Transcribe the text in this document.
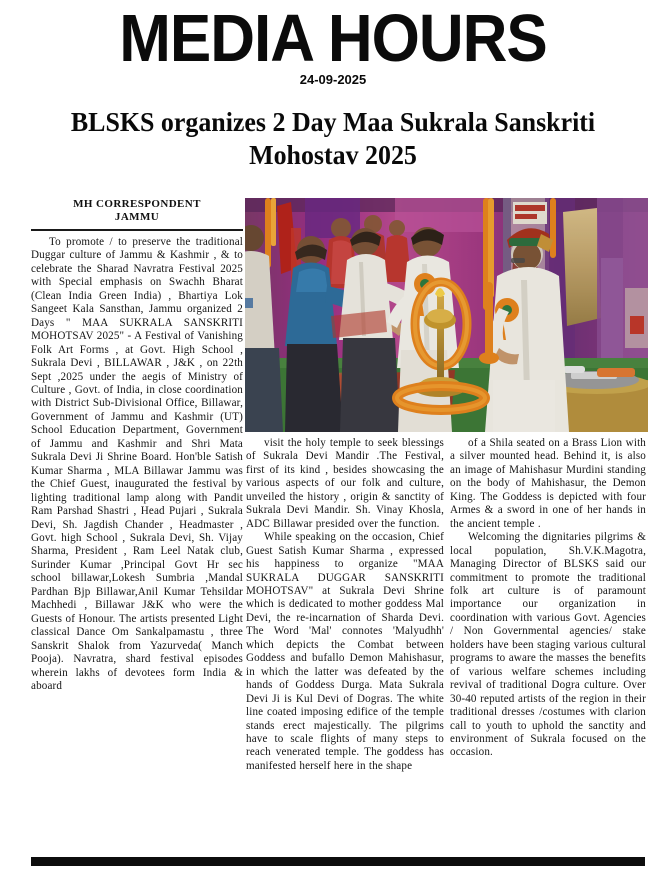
MEDIA HOURS
24-09-2025
BLSKS organizes 2 Day Maa Sukrala Sanskriti Mohostav 2025
MH CORRESPONDENT
JAMMU

To promote / to preserve the traditional Duggar culture of Jammu & Kashmir , & to celebrate the Sharad Navratra Festival 2025 with Special emphasis on Swachh Bharat (Clean India Green India) , Bhartiya Lok Sangeet Kala Sansthan, Jammu organized 2 Days " MAA SUKRALA SANSKRITI MOHOTSAV 2025" - A Festival of Vanishing Folk Art Forms , at Govt. High School , Sukrala Devi , BILLAWAR , J&K , on 22th Sept ,2025 under the aegis of Ministry of Culture , Govt. of India, in close coordination with District Sub-Divisional Office, Billawar, Government of Jammu and Kashmir (UT) School Education Department, Government of Jammu and Kashmir and Shri Mata Sukrala Devi Ji Shrine Board. Hon'ble Satish Kumar Sharma , MLA Billawar Jammu was the Chief Guest, inaugurated the festival by lighting traditional lamp along with Pandit Ram Parshad Shastri , Head Pujari , Sukrala Devi, Sh. Jagdish Chander , Headmaster , Govt. high School , Sukrala Devi, Sh. Vijay Sharma, President , Ram Leel Natak club, Surinder Kumar ,Principal Govt Hr sec school billawar,Lokesh Sumbria ,Mandal Pardhan Bjp Billawar,Anil Kumar Tehsildar Machhedi , Billawar J&K who were the Guests of Honour. The artists presented Light classical Dance Om Sankalpamastu , three Sanskrit Shalok from Yazurveda( Manch Pooja). Navratra, shard festival episodes wherein lakhs of devotees form India & aboard

visit the holy temple to seek blessings of Sukrala Devi Mandir .The Festival, first of its kind , besides showcasing the various aspects of our folk and culture, unveiled the history , origin & sanctity of Sukrala Devi Mandir. Sh. Vinay Khosla, ADC Billawar presided over the function.

While speaking on the occasion, Chief Guest Satish Kumar Sharma , expressed his happiness to organize "MAA SUKRALA DUGGAR SANSKRITI MOHOTSAV" at Sukrala Devi Shrine which is dedicated to mother goddess Mal Devi, the re-incarnation of Sharda Devi. The Word 'Mal' connotes 'Malyudhh' which depicts the Combat between Goddess and bufallo Demon Mahishasur, in which the latter was defeated by the hands of Goddess Durga. Mata Sukrala Devi Ji is Kul Devi of Dogras. The white line coated imposing edifice of the temple stands erect majestically. The pilgrims have to scale flights of many steps to reach venerated temple. The goddess has manifested herself here in the shape

of a Shila seated on a Brass Lion with a silver mounted head. Behind it, is also an image of Mahishasur Murdini standing on the body of Mahishasur, the Demon King. The Goddess is depicted with four Armes & a sword in one of her hands in the ancient temple .

Welcoming the dignitaries pilgrims & local population, Sh.V.K.Magotra, Managing Director of BLSKS said our commitment to promote the traditional folk art culture is of paramount importance our organization in coordination with various Govt. Agencies / Non Governmental agencies/ stake holders have been staging various cultural programs to aware the masses the benefits of various welfare schemes including revival of traditional Dogra culture. Over 30-40 reputed artists of the region in their traditional dresses /costumes with clarion call to youth to uphold the sanctity and environment of Sukrala focused on the occasion.
